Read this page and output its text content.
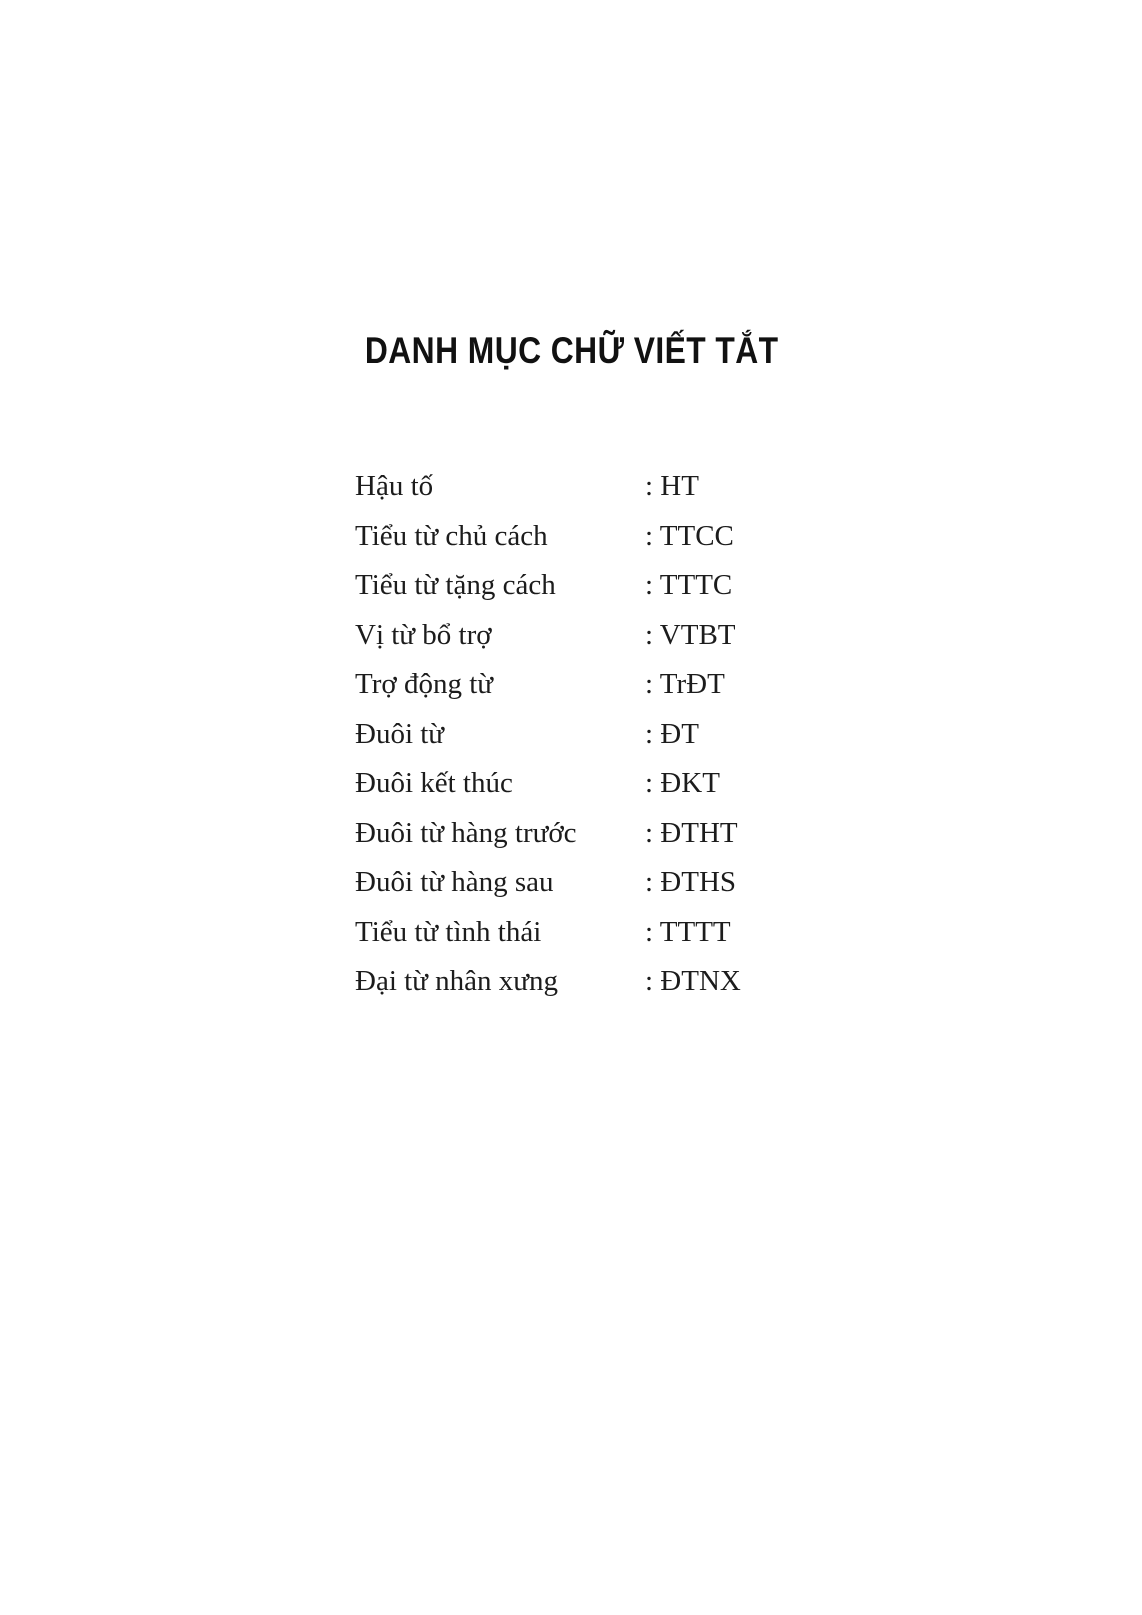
DANH MỤC CHỮ VIẾT TẮT
Hậu tố	: HT
Tiểu từ chủ cách	: TTCC
Tiểu từ tặng cách	: TTTC
Vị từ bổ trợ	: VTBT
Trợ động từ	: TrĐT
Đuôi từ	: ĐT
Đuôi kết thúc	: ĐKT
Đuôi từ hàng trước	: ĐTHT
Đuôi từ hàng sau	: ĐTHS
Tiểu từ tình thái	: TTTT
Đại từ nhân xưng	: ĐTNX
